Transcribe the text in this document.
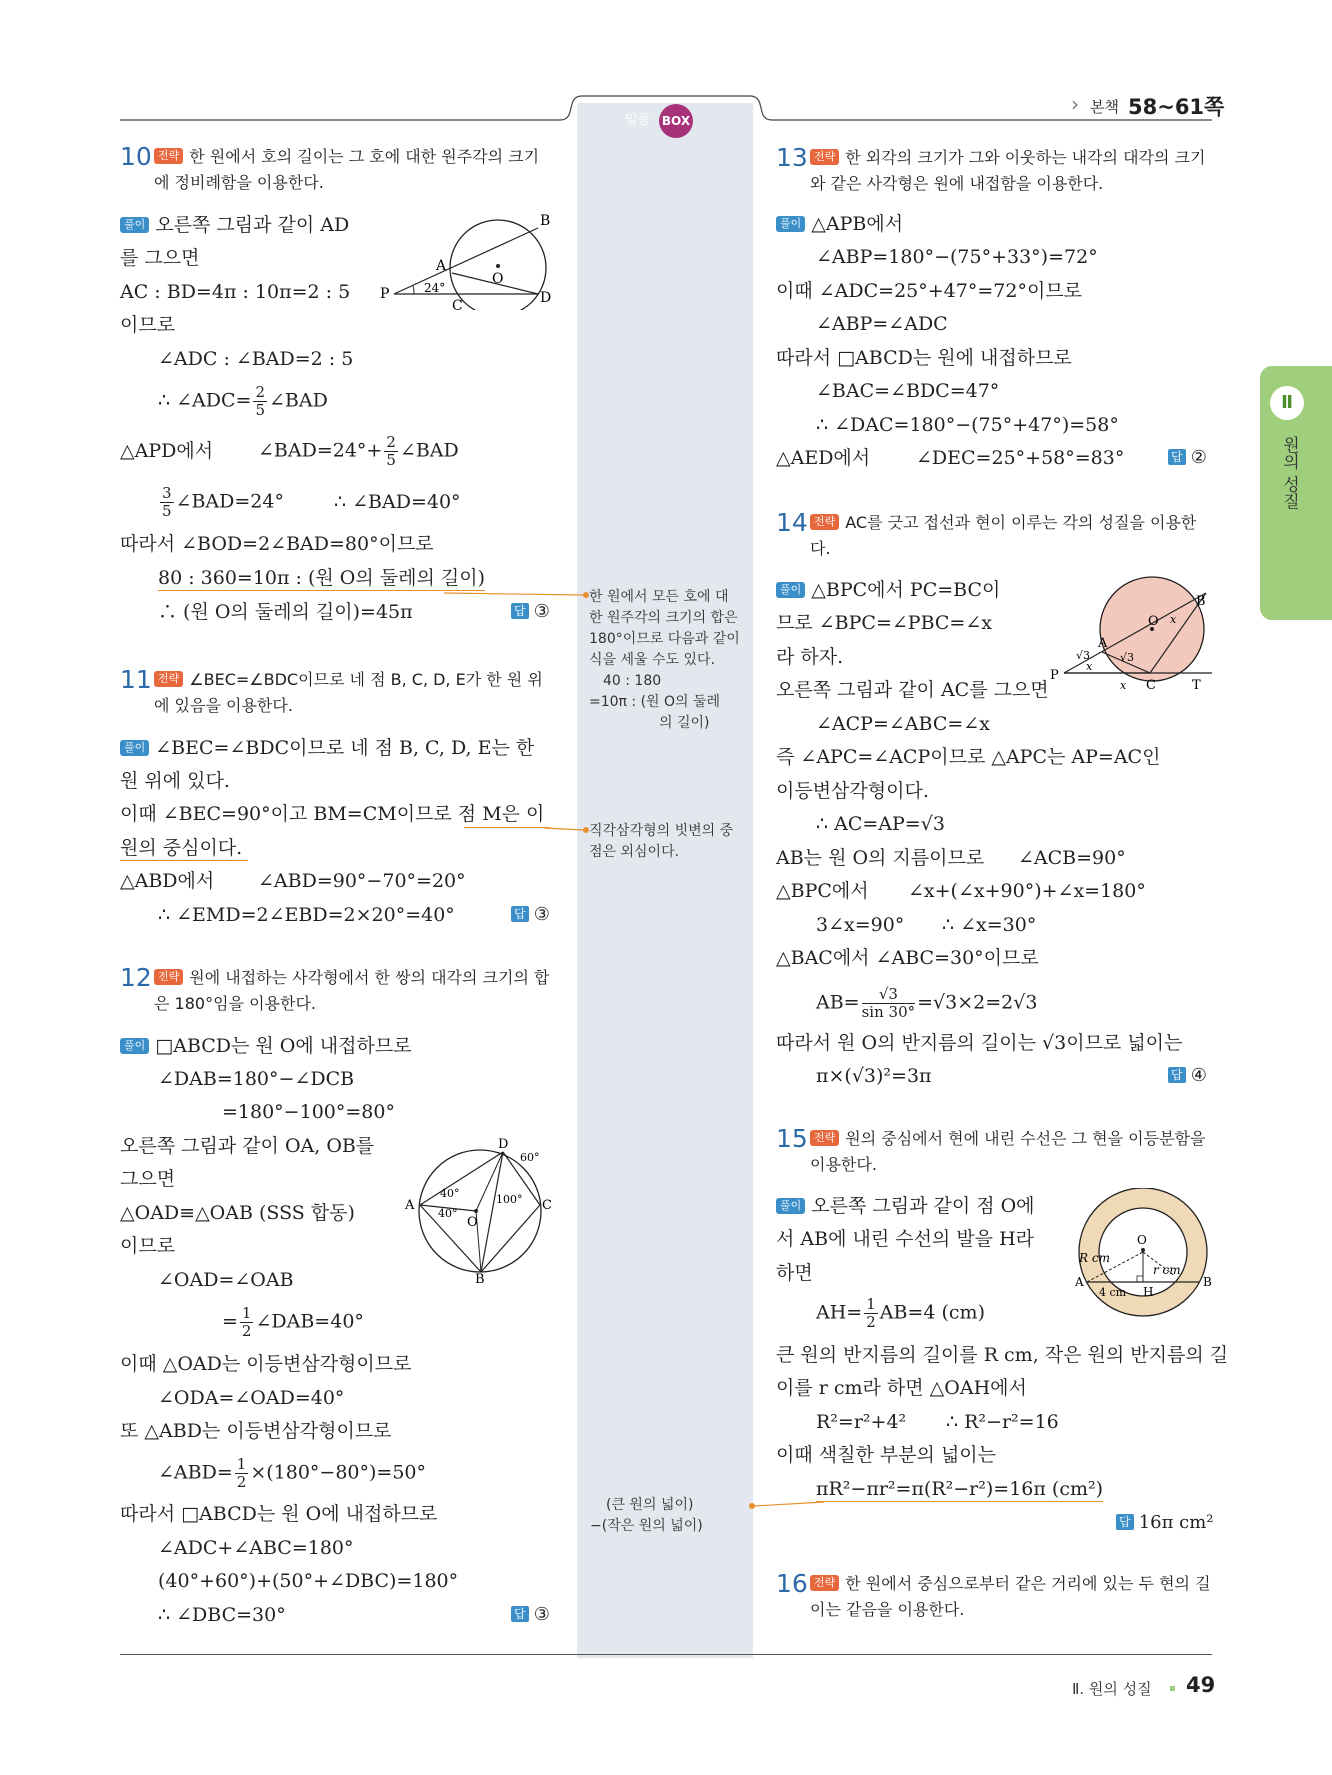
일품 BOX
› 본책 58~61쪽
Ⅱ
원의 성질
10 전략 한 원에서 호의 길이는 그 호에 대한 원주각의 크기에 정비례함을 이용한다.
풀이 오른쪽 그림과 같이 AD
를 그으면
AC : BD=4π : 10π=2 : 5
이므로
∠ADC : ∠BAD=2 : 5
∴ ∠ADC= $\frac{2}{5}$ ∠BAD
△APD에서 ∠BAD=24°+ $\frac{2}{5}$ ∠BAD
$\frac{3}{5}$ ∠BAD=24°	∴ ∠BAD=40°
따라서 ∠BOD=2∠BAD=80°이므로
80 : 360=10π : (원 O의 둘레의 길이)
∴ (원 O의 둘레의 길이)=45π	답 ③
B
A
O
P
C	D
24°
한 원에서 모든 호에 대
한 원주각의 크기의 합은
180°이므로 다음과 같이
식을 세울 수도 있다.
40 : 180
=10π : (원 O의 둘레
의 길이)
11 전략 ∠BEC=∠BDC이므로 네 점 B, C, D, E가 한 원 위에 있음을 이용한다.
풀이 ∠BEC=∠BDC이므로 네 점 B, C, D, E는 한
원 위에 있다.
이때 ∠BEC=90°이고 BM=CM이므로 점 M은 이
원의 중심이다.
△ABD에서 ∠ABD=90°−70°=20°
∴ ∠EMD=2∠EBD=2×20°=40°	답 ③
직각삼각형의 빗변의 중
점은 외심이다.
12 전략 원에 내접하는 사각형에서 한 쌍의 대각의 크기의 합은 180°임을 이용한다.
풀이 □ABCD는 원 O에 내접하므로
∠DAB=180°−∠DCB
=180°−100°=80°
오른쪽 그림과 같이 OA, OB를
그으면
△OAD≡△OAB (SSS 합동)
이므로
∠OAD=∠OAB
= $\frac{1}{2}$ ∠DAB=40°
이때 △OAD는 이등변삼각형이므로
∠ODA=∠OAD=40°
또 △ABD는 이등변삼각형이므로
∠ABD= $\frac{1}{2} \times(180^\circ-80^\circ)=50^\circ$
따라서 □ABCD는 원 O에 내접하므로
∠ADC+∠ABC=180°
(40°+60°)+(50°+∠DBC)=180°
∴ ∠DBC=30°	답 ③
D
A	C
B
O
60°
40°
40°
100°
13 전략 한 외각의 크기가 그와 이웃하는 내각의 대각의 크기와 같은 사각형은 원에 내접함을 이용한다.
풀이 △APB에서
∠ABP=180°−(75°+33°)=72°
이때 ∠ADC=25°+47°=72°이므로
∠ABP=∠ADC
따라서 □ABCD는 원에 내접하므로
∠BAC=∠BDC=47°
∴ ∠DAC=180°−(75°+47°)=58°
△AED에서 ∠DEC=25°+58°=83°	답 ②
14 전략 AC를 긋고 접선과 현이 이루는 각의 성질을 이용한다.
풀이 △BPC에서 PC=BC이
므로 ∠BPC=∠PBC=∠x
라 하자.
오른쪽 그림과 같이 AC를 그으면
∠ACP=∠ABC=∠x
즉 ∠APC=∠ACP이므로 △APC는 AP=AC인
이등변삼각형이다.
∴ AC=AP=√3
AB는 원 O의 지름이므로 ∠ACB=90°
△BPC에서 ∠x+(∠x+90°)+∠x=180°
3∠x=90° ∴ ∠x=30°
△BAC에서 ∠ABC=30°이므로
$AB= \frac{√3}{\sin 30^\circ} =√3\times 2=2√3$
따라서 원 O의 반지름의 길이는 √3이므로 넓이는
π×(√3)²=3π	답 ④
B
A
O
P
C	T
√3	√3
x
x
x
15 전략 원의 중심에서 현에 내린 수선은 그 현을 이등분함을 이용한다.
풀이 오른쪽 그림과 같이 점 O에
서 AB에 내린 수선의 발을 H라
하면
$AH= \frac{1}{2} AB=4$ (cm)
큰 원의 반지름의 길이를 R cm, 작은 원의 반지름의 길
이를 r cm라 하면 △OAH에서
R²=r²+4² ∴ R²−r²=16
이때 색칠한 부분의 넓이는
πR²−πr²=π(R²−r²)=16π (cm²)
답 16π cm²
O
A	B
H
R cm
r cm
4 cm
(큰 원의 넓이)
−(작은 원의 넓이)
16 전략 한 원에서 중심으로부터 같은 거리에 있는 두 현의 길이는 같음을 이용한다.
Ⅱ. 원의 성질 49
